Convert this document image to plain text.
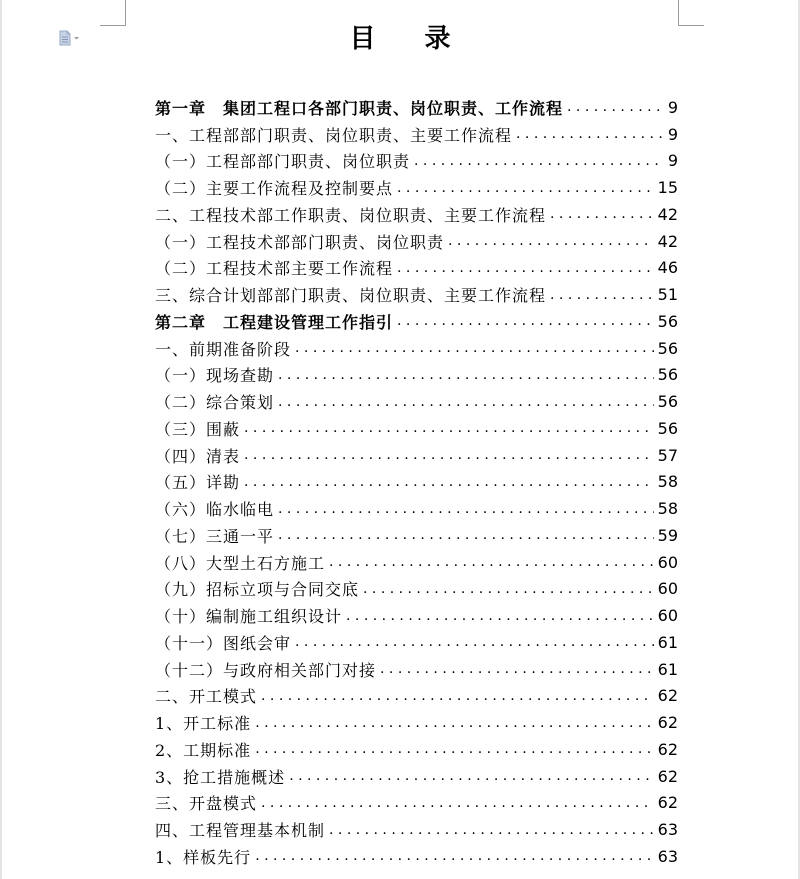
目 录
第一章　集团工程口各部门职责、岗位职责、工作流程 . . .	9
一、工程部部门职责、岗位职责、主要工作流程 . . .	9
（一）工程部部门职责、岗位职责 . . .	9
（二）主要工作流程及控制要点 . . .	15
二、工程技术部工作职责、岗位职责、主要工作流程 . . .	42
（一）工程技术部部门职责、岗位职责 . . .	42
（二）工程技术部主要工作流程 . . .	46
三、综合计划部部门职责、岗位职责、主要工作流程 . . .	51
第二章　工程建设管理工作指引 . . .	56
一、前期准备阶段 . . .	56
（一）现场查勘 . . .	56
（二）综合策划 . . .	56
（三）围蔽 . . .	56
（四）清表 . . .	57
（五）详勘 . . .	58
（六）临水临电 . . .	58
（七）三通一平 . . .	59
（八）大型土石方施工 . . .	60
（九）招标立项与合同交底 . . .	60
（十）编制施工组织设计 . . .	60
（十一）图纸会审 . . .	61
（十二）与政府相关部门对接 . . .	61
二、开工模式 . . .	62
1、开工标准 . . .	62
2、工期标准 . . .	62
3、抢工措施概述 . . .	62
三、开盘模式 . . .	62
四、工程管理基本机制 . . .	63
1、样板先行 . . .	63
